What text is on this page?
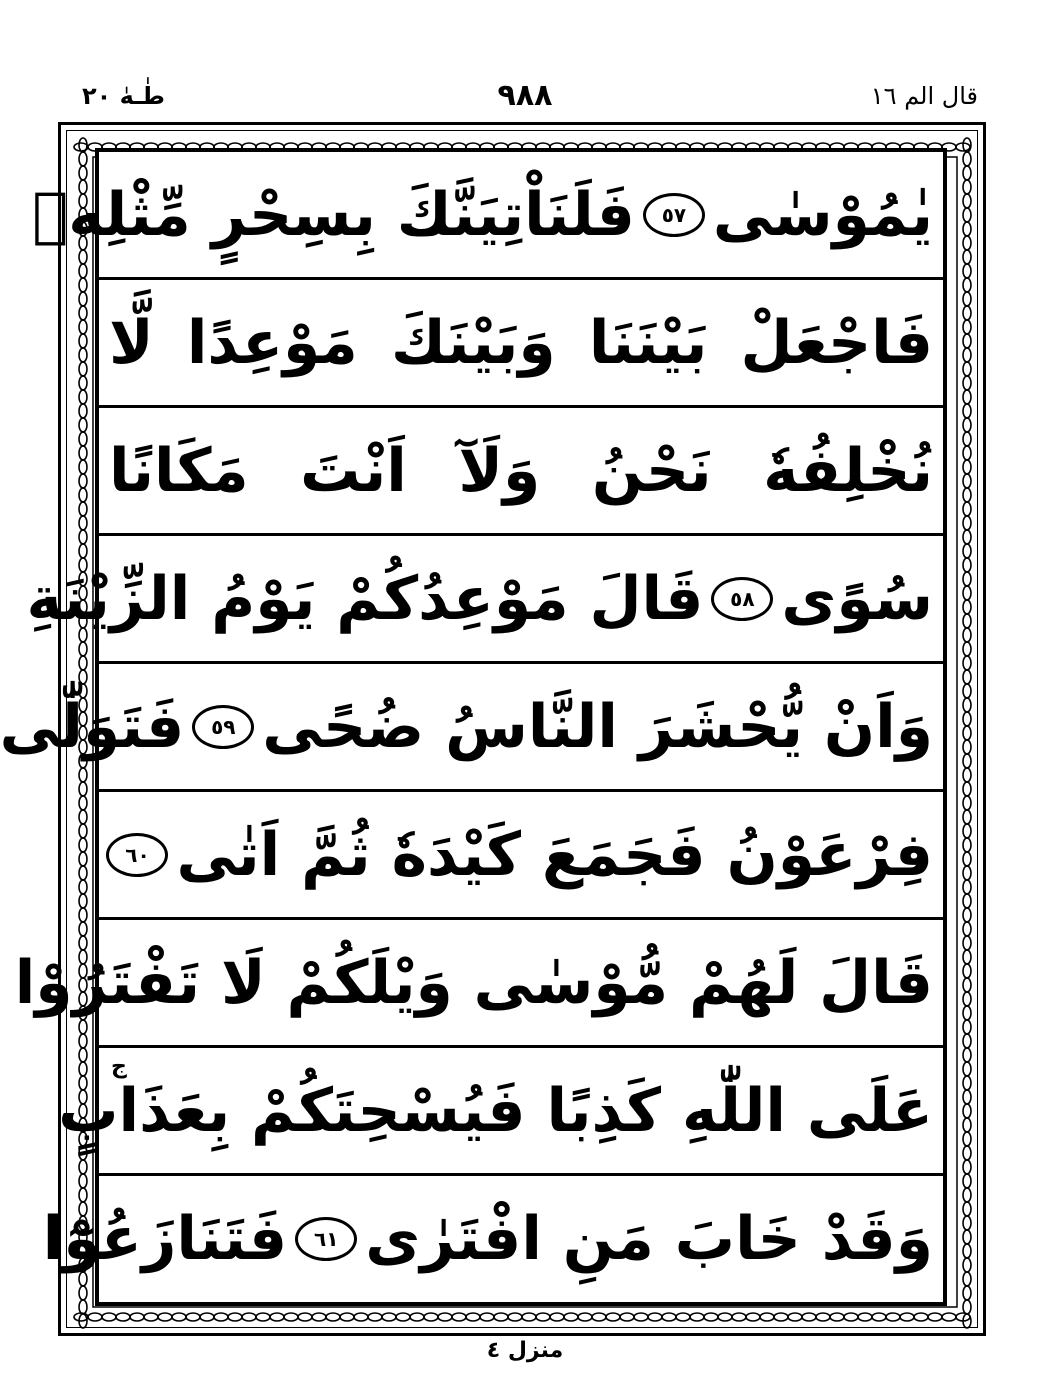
طٰـهٰ ٢٠	٩٨٨	قال الم ١٦
يٰمُوْسٰى
٥٧
فَلَنَاْتِيَنَّكَ بِسِحْرٍ مِّثْلِهٖ
فَاجْعَلْ بَيْنَنَا وَبَيْنَكَ مَوْعِدًا لَّا
نُخْلِفُهٗ نَحْنُ وَلَآ اَنْتَ مَكَانًا
سُوًى
٥٨
قَالَ مَوْعِدُكُمْ يَوْمُ الزِّيْنَةِ
وَاَنْ يُّحْشَرَ النَّاسُ ضُحًى
٥٩
فَتَوَلّٰى
فِرْعَوْنُ فَجَمَعَ كَيْدَهٗ ثُمَّ اَتٰى
٦٠
قَالَ لَهُمْ مُّوْسٰى وَيْلَكُمْ لَا تَفْتَرُوْا
عَلَى اللّٰهِ كَذِبًا فَيُسْحِتَكُمْ بِعَذَابٍ
ج
وَقَدْ خَابَ مَنِ افْتَرٰى
٦١
فَتَنَازَعُوْٓا
منزل ٤
